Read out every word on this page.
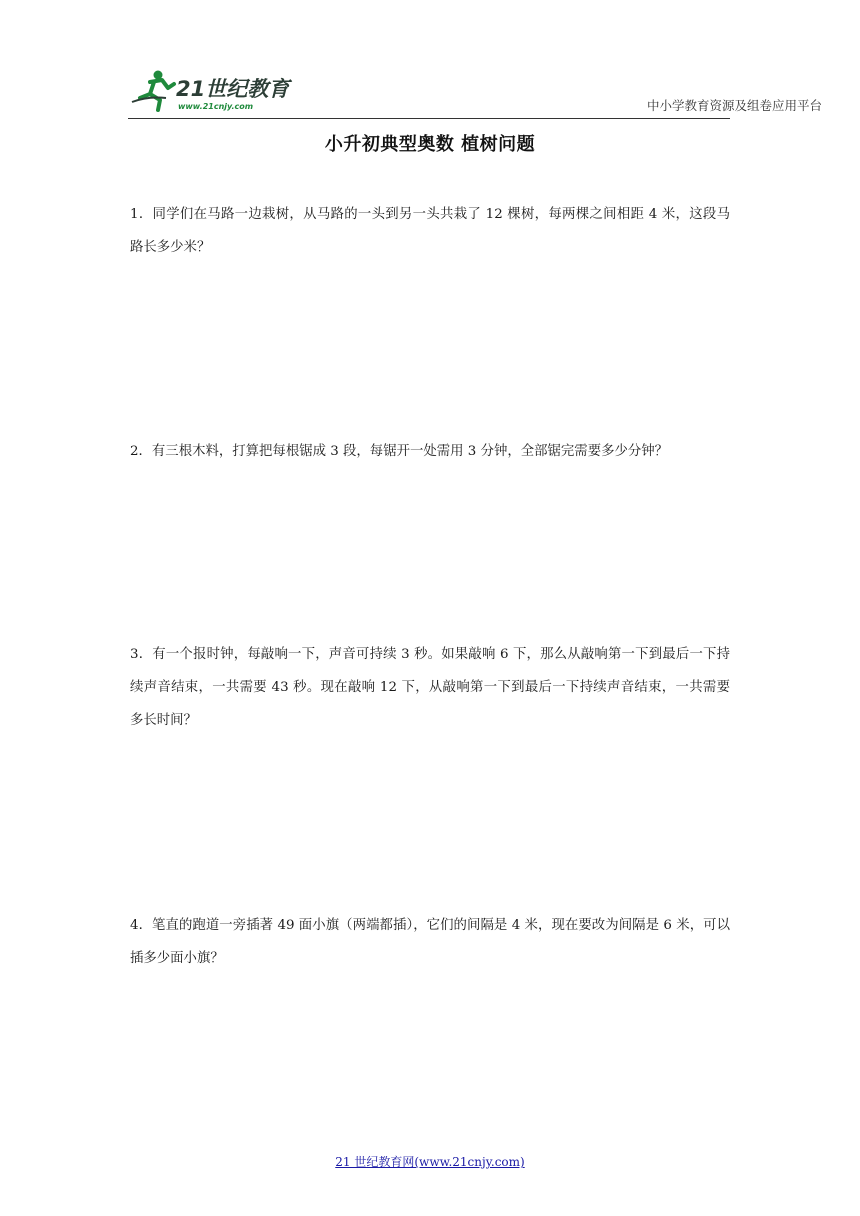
21世纪教育
www.21cnjy.com	中小学教育资源及组卷应用平台
小升初典型奥数 植树问题
1．同学们在马路一边栽树，从马路的一头到另一头共栽了 12 棵树，每两棵之间相距 4 米，这段马路长多少米？
2．有三根木料，打算把每根锯成 3 段，每锯开一处需用 3 分钟，全部锯完需要多少分钟？
3．有一个报时钟，每敲响一下，声音可持续 3 秒。如果敲响 6 下，那么从敲响第一下到最后一下持续声音结束，一共需要 43 秒。现在敲响 12 下，从敲响第一下到最后一下持续声音结束，一共需要多长时间？
4．笔直的跑道一旁插著 49 面小旗（两端都插），它们的间隔是 4 米，现在要改为间隔是 6 米，可以插多少面小旗？
21 世纪教育网(www.21cnjy.com)
